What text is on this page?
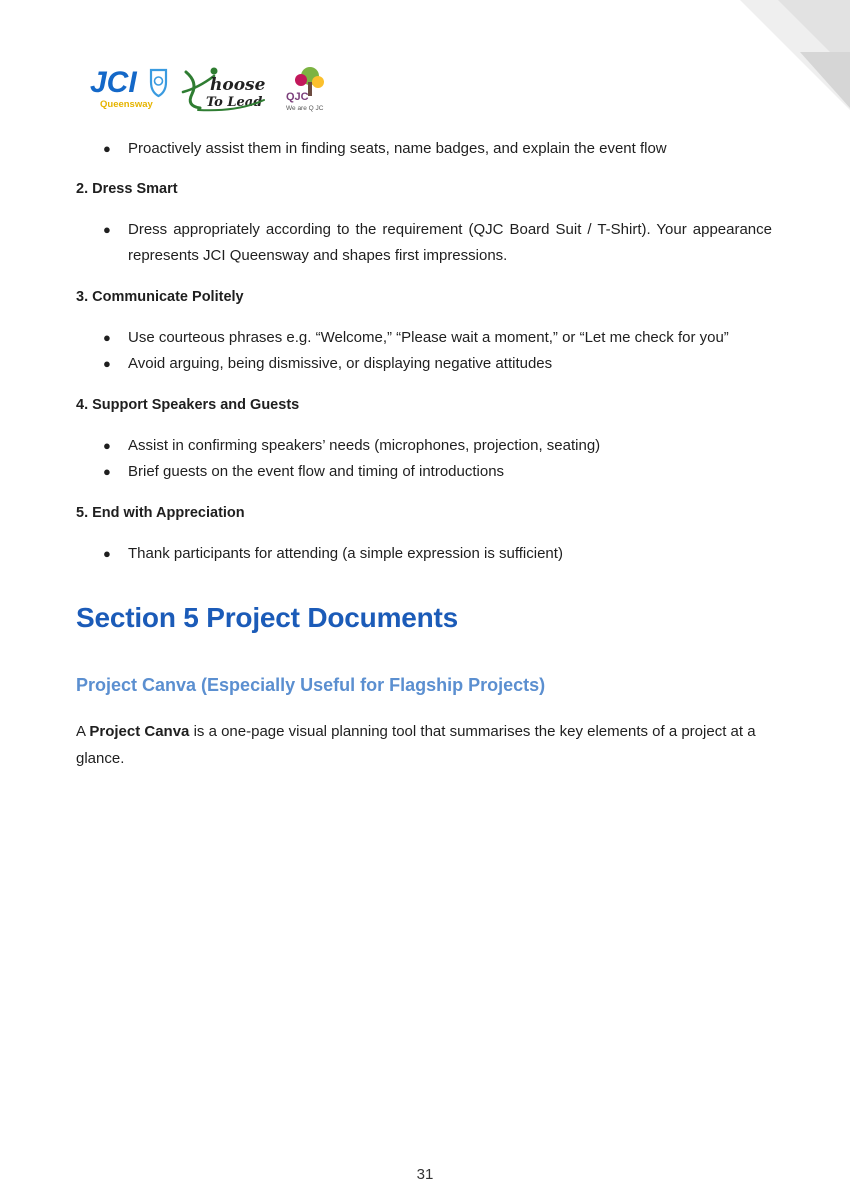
JCI
Queensway
hoose
To Lead QJC
We are Q JC
● Proactively assist them in finding seats, name badges, and explain the event flow

2. Dress Smart

● Dress appropriately according to the requirement (QJC Board Suit / T-Shirt). Your appearance represents JCI Queensway and shapes first impressions.

3. Communicate Politely

● Use courteous phrases e.g. “Welcome,” “Please wait a moment,” or “Let me check for you”
● Avoid arguing, being dismissive, or displaying negative attitudes

4. Support Speakers and Guests

● Assist in confirming speakers’ needs (microphones, projection, seating)
● Brief guests on the event flow and timing of introductions

5. End with Appreciation

● Thank participants for attending (a simple expression is sufficient)
Section 5 Project Documents
Project Canva (Especially Useful for Flagship Projects)

A Project Canva is a one-page visual planning tool that summarises the key elements of a project at a glance.

31
